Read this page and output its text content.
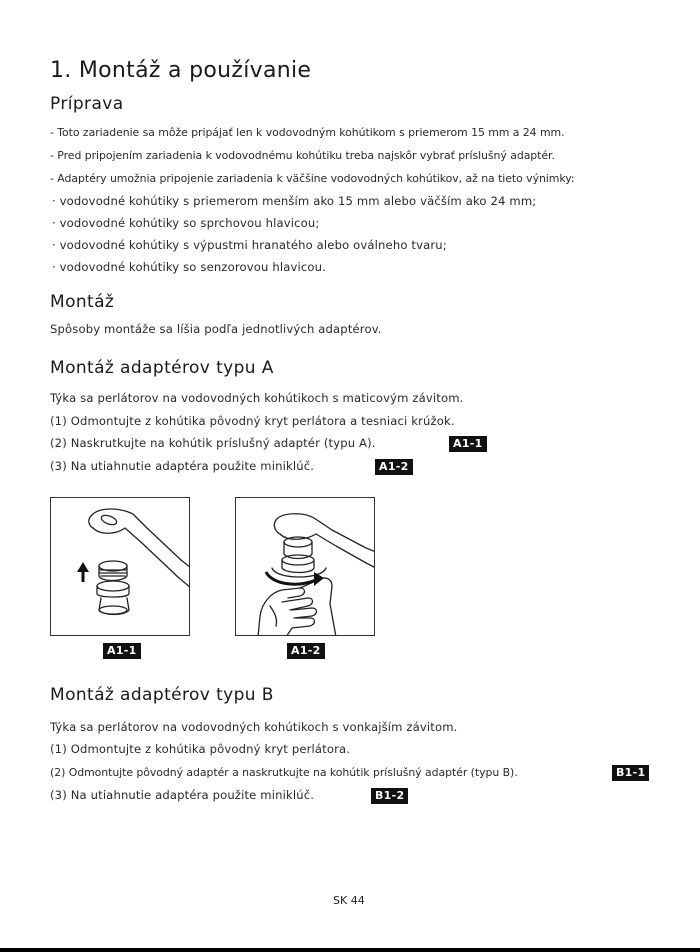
1. Montáž a používanie
Príprava
- Toto zariadenie sa môže pripájať len k vodovodným kohútikom s priemerom 15 mm a 24 mm.
- Pred pripojením zariadenia k vodovodnému kohútiku treba najskôr vybrať príslušný adaptér.
- Adaptéry umožnia pripojenie zariadenia k väčšine vodovodných kohútikov, až na tieto výnimky:
· vodovodné kohútiky s priemerom menším ako 15 mm alebo väčším ako 24 mm;
· vodovodné kohútiky so sprchovou hlavicou;
· vodovodné kohútiky s výpustmi hranatého alebo oválneho tvaru;
· vodovodné kohútiky so senzorovou hlavicou.
Montáž
Spôsoby montáže sa líšia podľa jednotlivých adaptérov.
Montáž adaptérov typu A
Týka sa perlátorov na vodovodných kohútikoch s maticovým závitom.
(1) Odmontujte z kohútika pôvodný kryt perlátora a tesniaci krúžok.
(2) Naskrutkujte na kohútik príslušný adaptér (typu A).	A1-1
(3) Na utiahnutie adaptéra použite miniklúč.	A1-2
A1-1	A1-2
Montáž adaptérov typu B
Týka sa perlátorov na vodovodných kohútikoch s vonkajším závitom.
(1) Odmontujte z kohútika pôvodný kryt perlátora.
(2) Odmontujte pôvodný adaptér a naskrutkujte na kohútik príslušný adaptér (typu B).	B1-1
(3) Na utiahnutie adaptéra použite miniklúč.	B1-2
SK 44
